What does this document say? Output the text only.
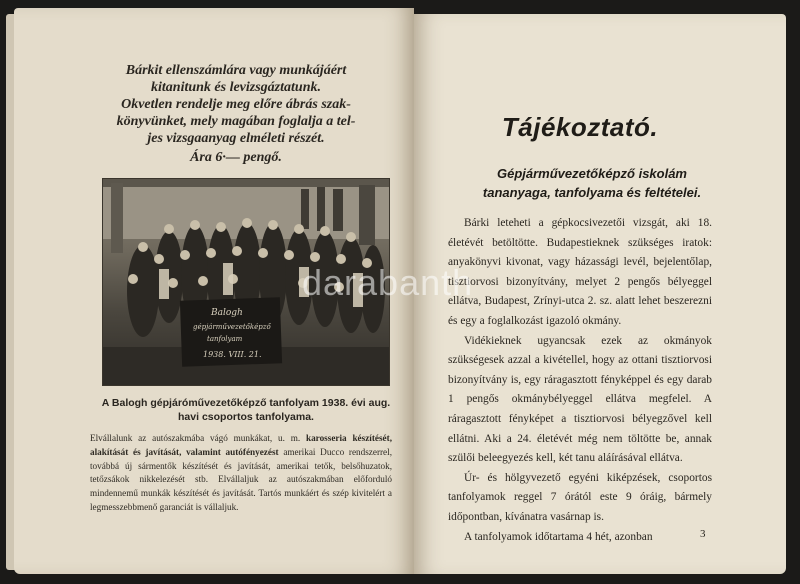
Bárkit ellenszámlára vagy munkájáért
kitanitunk és levizsgáztatunk.
Okvetlen rendelje meg előre ábrás szak-
könyvünket, mely magában foglalja a tel-
jes vizsgaanyag elméleti részét.
Ára 6·— pengő.
Balogh
gépjárművezetőképző
tanfolyam
1938. VIII. 21.
A Balogh gépjáróművezetőképző tanfolyam 1938. évi aug.
havi csoportos tanfolyama.
Elvállalunk az autószakmába vágó munkákat, u. m. karosseria készítését, alakítását és javítását, valamint autófényezést amerikai Ducco rendszerrel, továbbá új sármentők készítését és javítását, amerikai tetők, belsőhuzatok, tetőzsákok nikkelezését stb. Elvállaljuk az autószakmában előforduló mindennemű munkák készítését és javítását. Tartós munkáért és szép kivitelért a legmesszebbmenő garanciát is vállaljuk.
Tájékoztató.
Gépjárművezetőképző iskolám
tananyaga, tanfolyama és feltételei.

Bárki leteheti a gépkocsivezetői vizsgát, aki 18. életévét betöltötte. Budapestieknek szükséges iratok: anyakönyvi kivonat, vagy házassági levél, bejelentőlap, tisztiorvosi bizonyítvány, melyet 2 pengős bélyeggel ellátva, Budapest, Zrínyi-utca 2. sz. alatt lehet beszerezni és egy a foglalkozást igazoló okmány.

Vidékieknek ugyancsak ezek az okmányok szükségesek azzal a kivétellel, hogy az ottani tisztiorvosi bizonyítvány is, egy ráragasztott fényképpel és egy darab 1 pengős okmánybélyeggel ellátva megfelel. A ráragasztott fényképet a tisztiorvosi bélyegzővel kell ellátni. Aki a 24. életévét még nem töltötte be, annak szülői beleegyezés kell, két tanu aláírásával ellátva.

Úr- és hölgyvezető egyéni kiképzések, csoportos tanfolyamok reggel 7 órától este 9 óráig, bármely időpontban, kívánatra vasárnap is.

A tanfolyamok időtartama 4 hét, azonban	3
darabanth
